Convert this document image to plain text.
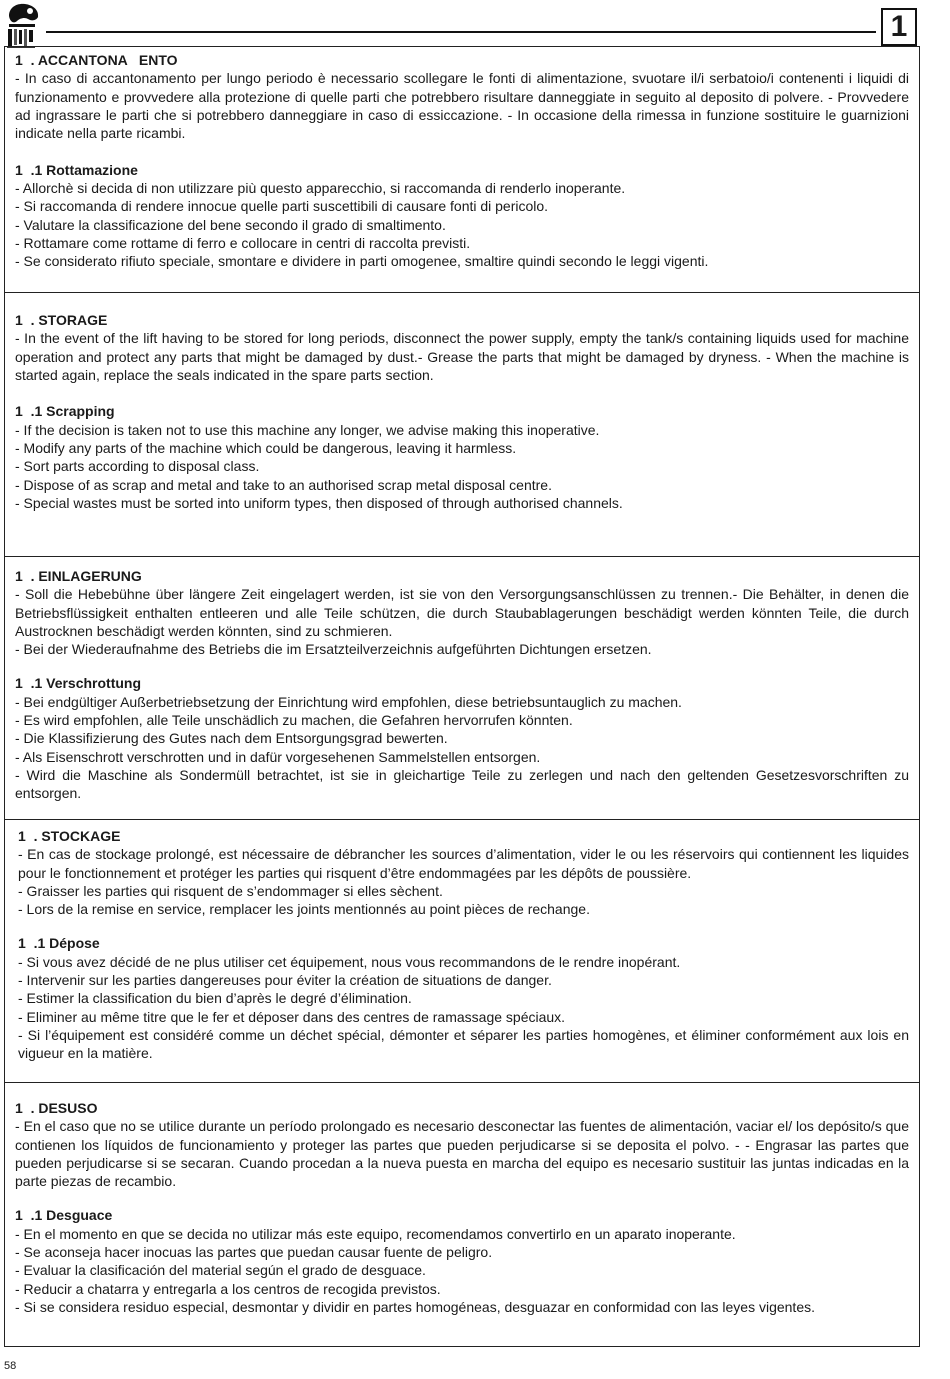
1

1  . ACCANTONA   ENTO

- In caso di accantonamento per lungo periodo è necessario scollegare le fonti di alimentazione, svuotare il/i serbatoio/i contenenti i liquidi di funzionamento e provvedere alla protezione di quelle parti che potrebbero risultare danneggiate in seguito al deposito di polvere. - Provvedere ad ingrassare le parti che si potrebbero danneggiare in caso di essiccazione. - In occasione della rimessa in funzione sostituire le guarnizioni indicate nella parte ricambi.

1  .1 Rottamazione

- Allorchè si decida di non utilizzare più questo apparecchio, si raccomanda di renderlo inoperante.

- Si raccomanda di rendere innocue quelle parti suscettibili di causare fonti di pericolo.

- Valutare la classificazione del bene secondo il grado di smaltimento.

- Rottamare come rottame di ferro e collocare in centri di raccolta previsti.

- Se considerato rifiuto speciale, smontare e dividere in parti omogenee, smaltire quindi secondo le leggi vigenti.

1  . STORAGE

- In the event of the lift having to be stored for long periods, disconnect the power supply, empty the tank/s containing liquids used for machine operation and protect any parts that might be damaged by dust.- Grease the parts that might be damaged by dryness. - When the machine is started again, replace the seals indicated in the spare parts section.

1  .1 Scrapping

- If the decision is taken not to use this machine any longer, we advise making this inoperative.

- Modify any parts of the machine which could be dangerous, leaving it harmless.

- Sort parts according to disposal class.

- Dispose of as scrap and metal and take to an authorised scrap metal disposal centre.

- Special wastes must be sorted into uniform types, then disposed of through authorised channels.

1  . EINLAGERUNG

- Soll die Hebebühne über längere Zeit eingelagert werden, ist sie von den Versorgungsanschlüssen zu trennen.- Die Behälter, in denen die Betriebsflüssigkeit enthalten entleeren und alle Teile schützen, die durch Staubablagerungen beschädigt werden könnten Teile, die durch Austrocknen beschädigt werden könnten, sind zu schmieren.

- Bei der Wiederaufnahme des Betriebs die im Ersatzteilverzeichnis aufgeführten Dichtungen ersetzen.

1  .1 Verschrottung

- Bei endgültiger Außerbetriebsetzung der Einrichtung wird empfohlen, diese betriebsuntauglich zu machen.

- Es wird empfohlen, alle Teile unschädlich zu machen, die Gefahren hervorrufen könnten.

- Die Klassifizierung des Gutes nach dem Entsorgungsgrad bewerten.

- Als Eisenschrott verschrotten und in dafür vorgesehenen Sammelstellen entsorgen.

- Wird die Maschine als Sondermüll betrachtet, ist sie in gleichartige Teile zu zerlegen und nach den geltenden Gesetzesvorschriften zu entsorgen.

1  . STOCKAGE

- En cas de stockage prolongé, est nécessaire de débrancher les sources d’alimentation, vider le ou les réservoirs qui contiennent les liquides pour le fonctionnement et protéger les parties qui risquent d’être endommagées par les dépôts de poussière.

- Graisser les parties qui risquent de s’endommager si elles sèchent.

- Lors de la remise en service, remplacer les joints mentionnés au point pièces de rechange.

1  .1 Dépose

- Si vous avez décidé de ne plus utiliser cet équipement, nous vous recommandons de le rendre inopérant.

- Intervenir sur les parties dangereuses pour éviter la création de situations de danger.

- Estimer la classification du bien d’après le degré d’élimination.

- Eliminer au même titre que le fer et déposer dans des centres de ramassage spéciaux.

- Si l’équipement est considéré comme un déchet spécial, démonter et séparer les parties homogènes, et éliminer conformément aux lois en vigueur en la matière.

1  . DESUSO

- En el caso que no se utilice durante un período prolongado es necesario desconectar las fuentes de alimentación, vaciar el/ los depósito/s que contienen los líquidos de funcionamiento y proteger las partes que pueden perjudicarse si se deposita el polvo. - - Engrasar las partes que pueden perjudicarse si se secaran. Cuando procedan a la nueva puesta en marcha del equipo es necesario sustituir las juntas indicadas en la parte piezas de recambio.

1  .1 Desguace

- En el momento en que se decida no utilizar más este equipo, recomendamos convertirlo en un aparato inoperante.

- Se aconseja hacer inocuas las partes que puedan causar fuente de peligro.

- Evaluar la clasificación del material según el grado de desguace.

- Reducir a chatarra y entregarla a los centros de recogida previstos.

- Si se considera residuo especial, desmontar y dividir en partes homogéneas, desguazar en conformidad con las leyes vigentes.

58
